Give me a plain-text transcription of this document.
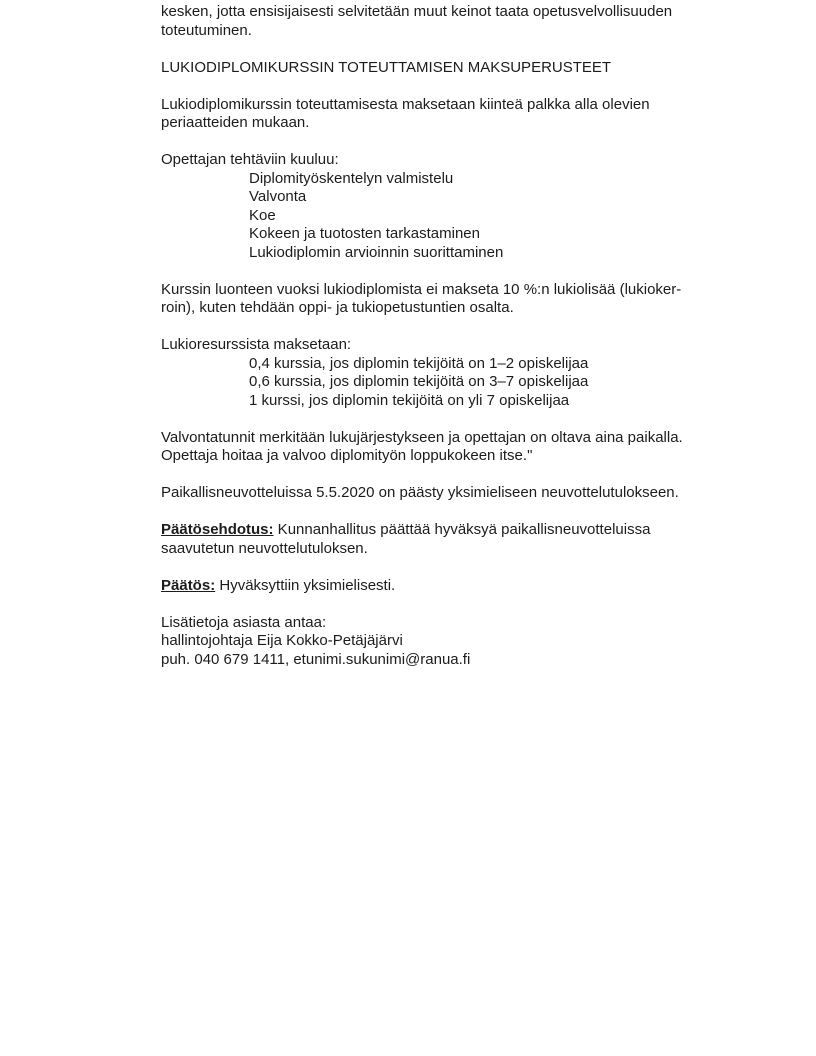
kesken, jotta ensisijaisesti selvitetään muut keinot taata opetusvelvollisuuden
toteutuminen.
LUKIODIPLOMIKURSSIN TOTEUTTAMISEN MAKSUPERUSTEET
Lukiodiplomikurssin toteuttamisesta maksetaan kiinteä palkka alla olevien
periaatteiden mukaan.
Opettajan tehtäviin kuuluu:
Diplomityöskentelyn valmistelu
Valvonta
Koe
Kokeen ja tuotosten tarkastaminen
Lukiodiplomin arvioinnin suorittaminen
Kurssin luonteen vuoksi lukiodiplomista ei makseta 10 %:n lukiolisää (lukioker-
roin), kuten tehdään oppi- ja tukiopetustuntien osalta.
Lukioresurssista maksetaan:
0,4 kurssia, jos diplomin tekijöitä on 1–2 opiskelijaa
0,6 kurssia, jos diplomin tekijöitä on 3–7 opiskelijaa
1 kurssi, jos diplomin tekijöitä on yli 7 opiskelijaa
Valvontatunnit merkitään lukujärjestykseen ja opettajan on oltava aina paikalla.
Opettaja hoitaa ja valvoo diplomityön loppukokeen itse."
Paikallisneuvotteluissa 5.5.2020 on päästy yksimieliseen neuvottelutulokseen.
Päätösehdotus: Kunnanhallitus päättää hyväksyä paikallisneuvotteluissa
saavutetun neuvottelutuloksen.
Päätös: Hyväksyttiin yksimielisesti.
Lisätietoja asiasta antaa:
hallintojohtaja Eija Kokko-Petäjäjärvi
puh. 040 679 1411, etunimi.sukunimi@ranua.fi
